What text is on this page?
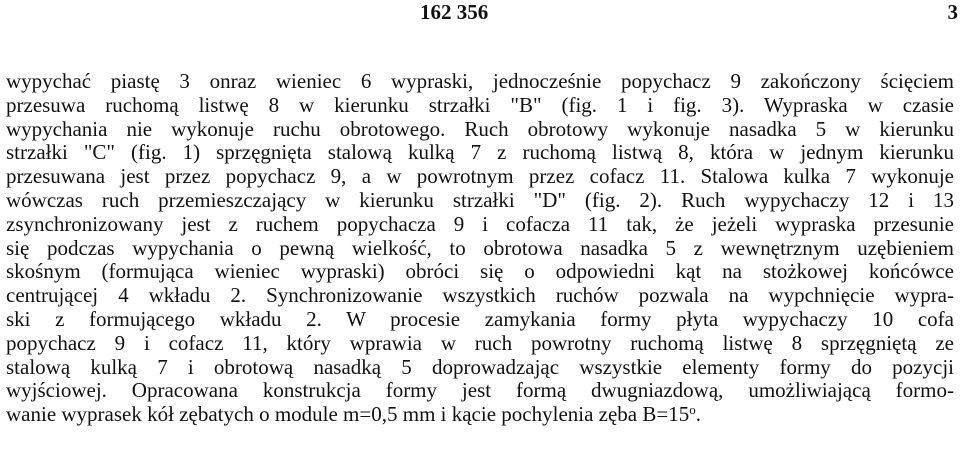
162 356	3
wypychać piastę 3 onraz wieniec 6 wypraski, jednocześnie popychacz 9 zakończony ścięciem
przesuwa ruchomą listwę 8 w kierunku strzałki "B" (fig. 1 i fig. 3). Wypraska w czasie
wypychania nie wykonuje ruchu obrotowego. Ruch obrotowy wykonuje nasadka 5 w kierunku
strzałki "C" (fig. 1) sprzęgnięta stalową kulką 7 z ruchomą listwą 8, która w jednym kierunku
przesuwana jest przez popychacz 9, a w powrotnym przez cofacz 11. Stalowa kulka 7 wykonuje
wówczas ruch przemieszczający w kierunku strzałki "D" (fig. 2). Ruch wypychaczy 12 i 13
zsynchronizowany jest z ruchem popychacza 9 i cofacza 11 tak, że jeżeli wypraska przesunie
się podczas wypychania o pewną wielkość, to obrotowa nasadka 5 z wewnętrznym uzębieniem
skośnym (formująca wieniec wypraski) obróci się o odpowiedni kąt na stożkowej końcówce
centrującej 4 wkładu 2. Synchronizowanie wszystkich ruchów pozwala na wypchnięcie wypra-
ski z formującego wkładu 2. W procesie zamykania formy płyta wypychaczy 10 cofa
popychacz 9 i cofacz 11, który wprawia w ruch powrotny ruchomą listwę 8 sprzęgniętą ze
stalową kulką 7 i obrotową nasadką 5 doprowadzając wszystkie elementy formy do pozycji
wyjściowej. Opracowana konstrukcja formy jest formą dwugniazdową, umożliwiającą formo-
wanie wyprasek kół zębatych o module m=0,5 mm i kącie pochylenia zęba $B=15^o$.
